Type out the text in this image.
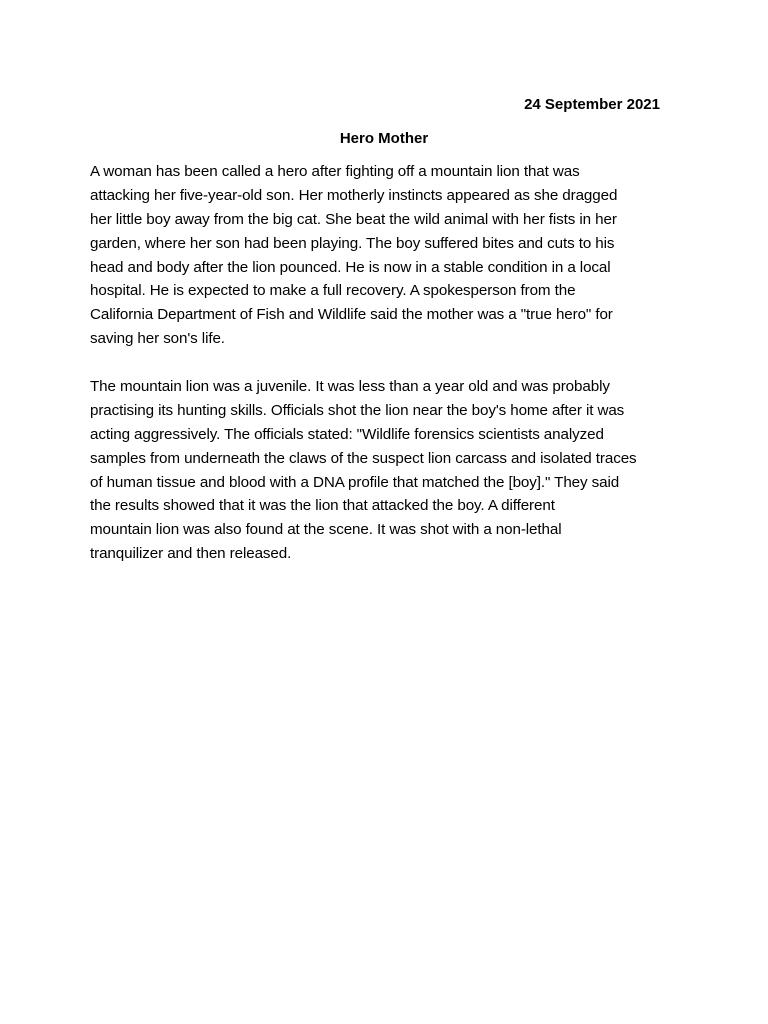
24 September 2021
Hero Mother
A woman has been called a hero after fighting off a mountain lion that was
attacking her five-year-old son. Her motherly instincts appeared as she dragged
her little boy away from the big cat. She beat the wild animal with her fists in her
garden, where her son had been playing. The boy suffered bites and cuts to his
head and body after the lion pounced. He is now in a stable condition in a local
hospital. He is expected to make a full recovery. A spokesperson from the
California Department of Fish and Wildlife said the mother was a "true hero" for
saving her son's life.
The mountain lion was a juvenile. It was less than a year old and was probably
practising its hunting skills. Officials shot the lion near the boy's home after it was
acting aggressively. The officials stated: "Wildlife forensics scientists analyzed
samples from underneath the claws of the suspect lion carcass and isolated traces
of human tissue and blood with a DNA profile that matched the [boy]." They said
the results showed that it was the lion that attacked the boy. A different
mountain lion was also found at the scene. It was shot with a non-lethal
tranquilizer and then released.
